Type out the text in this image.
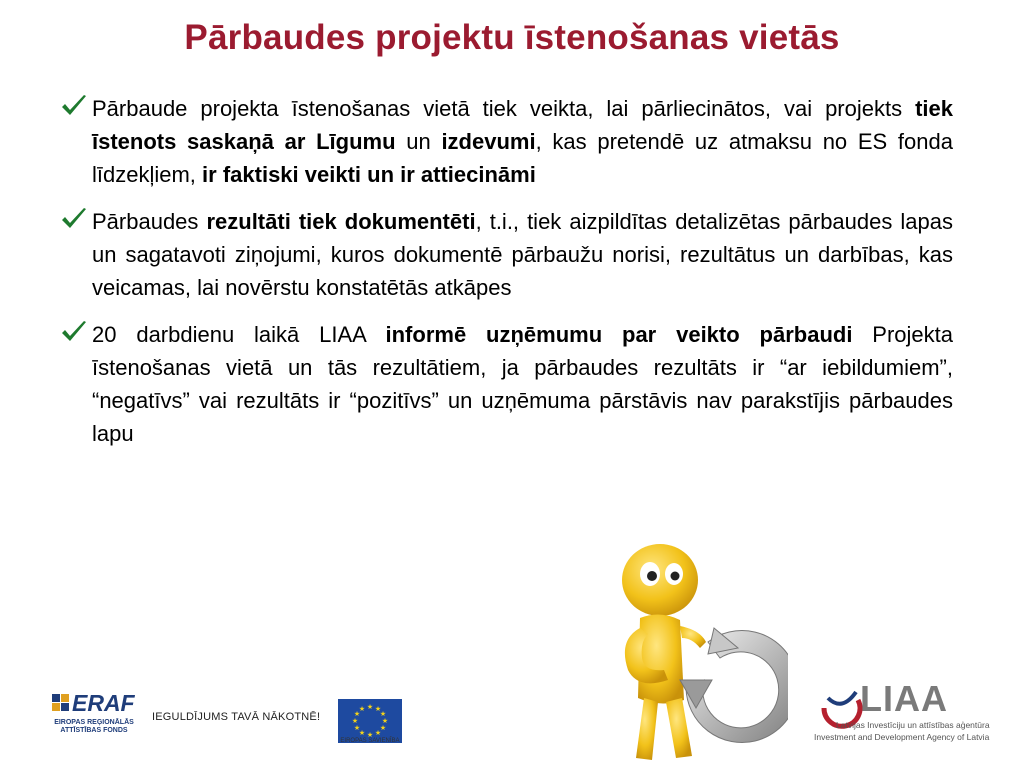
Pārbaudes projektu īstenošanas vietās

Pārbaude projekta īstenošanas vietā tiek veikta, lai pārliecinātos, vai projekts tiek īstenots saskaņā ar Līgumu un izdevumi, kas pretendē uz atmaksu no ES fonda līdzekļiem, ir faktiski veikti un ir attiecināmi

Pārbaudes rezultāti tiek dokumentēti, t.i., tiek aizpildītas detalizētas pārbaudes lapas un sagatavoti ziņojumi, kuros dokumentē pārbaužu norisi, rezultātus un darbības, kas veicamas, lai novērstu konstatētās atkāpes

20 darbdienu laikā LIAA informē uzņēmumu par veikto pārbaudi Projekta īstenošanas vietā un tās rezultātiem, ja pārbaudes rezultāts ir “ar iebildumiem”, “negatīvs” vai rezultāts ir “pozitīvs” un uzņēmuma pārstāvis nav parakstījis pārbaudes lapu

ERAF
EIROPAS REĢIONĀLĀS ATTĪSTĪBAS FONDS
IEGULDĪJUMS TAVĀ NĀKOTNĒ!
★ ★
★
★
★
★
★
★
★
★
★
★
EIROPAS SAVIENĪBA
LIAA
Latvijas Investīciju un attīstības aģentūra
Investment and Development Agency of Latvia
